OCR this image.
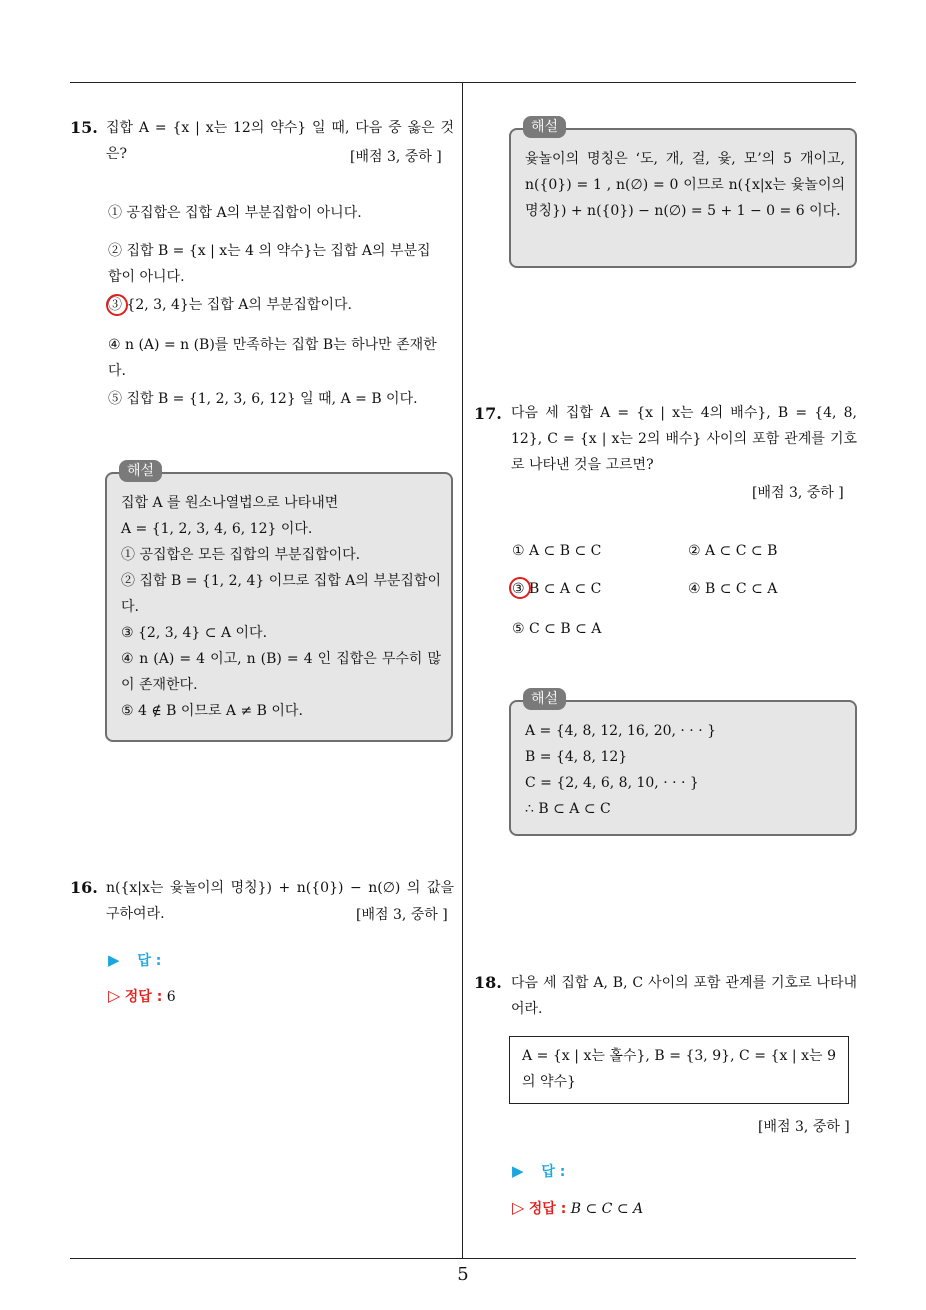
15. 집합 A = {x | x는 12의 약수} 일 때, 다음 중 옳은 것은?	[배점 3, 중하 ]
① 공집합은 집합 A의 부분집합이 아니다.
② 집합 B = {x | x는 4 의 약수}는 집합 A의 부분집합이 아니다.
③ {2, 3, 4}는 집합 A의 부분집합이다.
④ n (A) = n (B)를 만족하는 집합 B는 하나만 존재한다.
⑤ 집합 B = {1, 2, 3, 6, 12} 일 때, A = B 이다.
해설
집합 A 를 원소나열법으로 나타내면
A = {1, 2, 3, 4, 6, 12} 이다.
① 공집합은 모든 집합의 부분집합이다.
② 집합 B = {1, 2, 4} 이므로 집합 A의 부분집합이다.
③ {2, 3, 4} ⊂ A 이다.
④ n (A) = 4 이고, n (B) = 4 인 집합은 무수히 많이 존재한다.
⑤ 4 ∉ B 이므로 A ≠ B 이다.
16. n({x|x는 윷놀이의 명칭}) + n({0}) − n(∅) 의 값을 구하여라.	[배점 3, 중하 ]
▶ 답 :
▷ 정답 : 6
해설
윷놀이의 명칭은 ‘도, 개, 걸, 윷, 모’의 5 개이고, n({0}) = 1 , n(∅) = 0 이므로 n({x|x는 윷놀이의 명칭}) + n({0}) − n(∅) = 5 + 1 − 0 = 6 이다.
17. 다음 세 집합 A = {x | x는 4의 배수}, B = {4, 8, 12}, C = {x | x는 2의 배수} 사이의 포함 관계를 기호로 나타낸 것을 고르면?
[배점 3, 중하 ]
① A ⊂ B ⊂ C	② A ⊂ C ⊂ B
③ B ⊂ A ⊂ C	④ B ⊂ C ⊂ A
⑤ C ⊂ B ⊂ A
해설
A = {4, 8, 12, 16, 20, · · · }
B = {4, 8, 12}
C = {2, 4, 6, 8, 10, · · · }
∴ B ⊂ A ⊂ C
18. 다음 세 집합 A, B, C 사이의 포함 관계를 기호로 나타내어라.
A = {x | x는 홀수}, B = {3, 9}, C = {x | x는 9의 약수}
[배점 3, 중하 ]
▶ 답 :
▷ 정답 : B ⊂ C ⊂ A
5
